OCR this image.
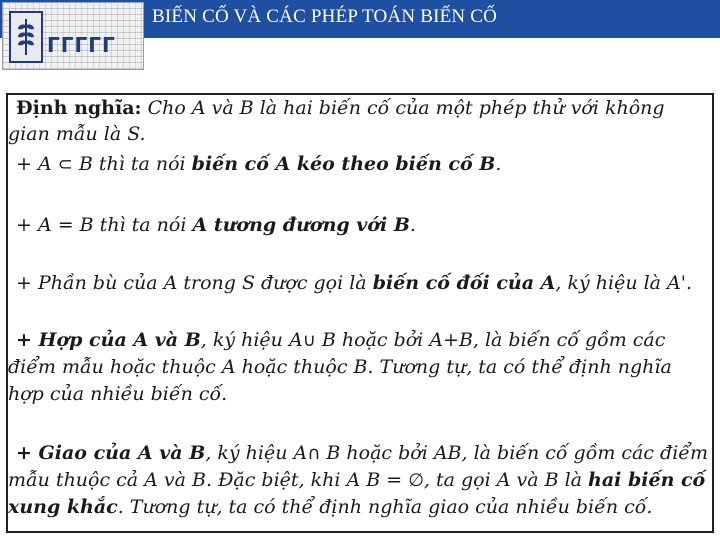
BIẾN CỐ VÀ CÁC PHÉP TOÁN BIẾN CỐ
ГГГГГ
Định nghĩa: Cho A và B là hai biến cố của một phép thử với không
gian mẫu là S.
+ A ⊂ B thì ta nói biến cố A kéo theo biến cố B.
+ A = B thì ta nói A tương đương với B.
+ Phần bù của A trong S được gọi là biến cố đối của A, ký hiệu là A'.
+ Hợp của A và B, ký hiệu A∪ B hoặc bởi A+B, là biến cố gồm các
điểm mẫu hoặc thuộc A hoặc thuộc B. Tương tự, ta có thể định nghĩa
hợp của nhiều biến cố.
+ Giao của A và B, ký hiệu A∩ B hoặc bởi AB, là biến cố gồm các điểm
mẫu thuộc cả A và B. Đặc biệt, khi A B = ∅, ta gọi A và B là hai biến cố
xung khắc. Tương tự, ta có thể định nghĩa giao của nhiều biến cố.
